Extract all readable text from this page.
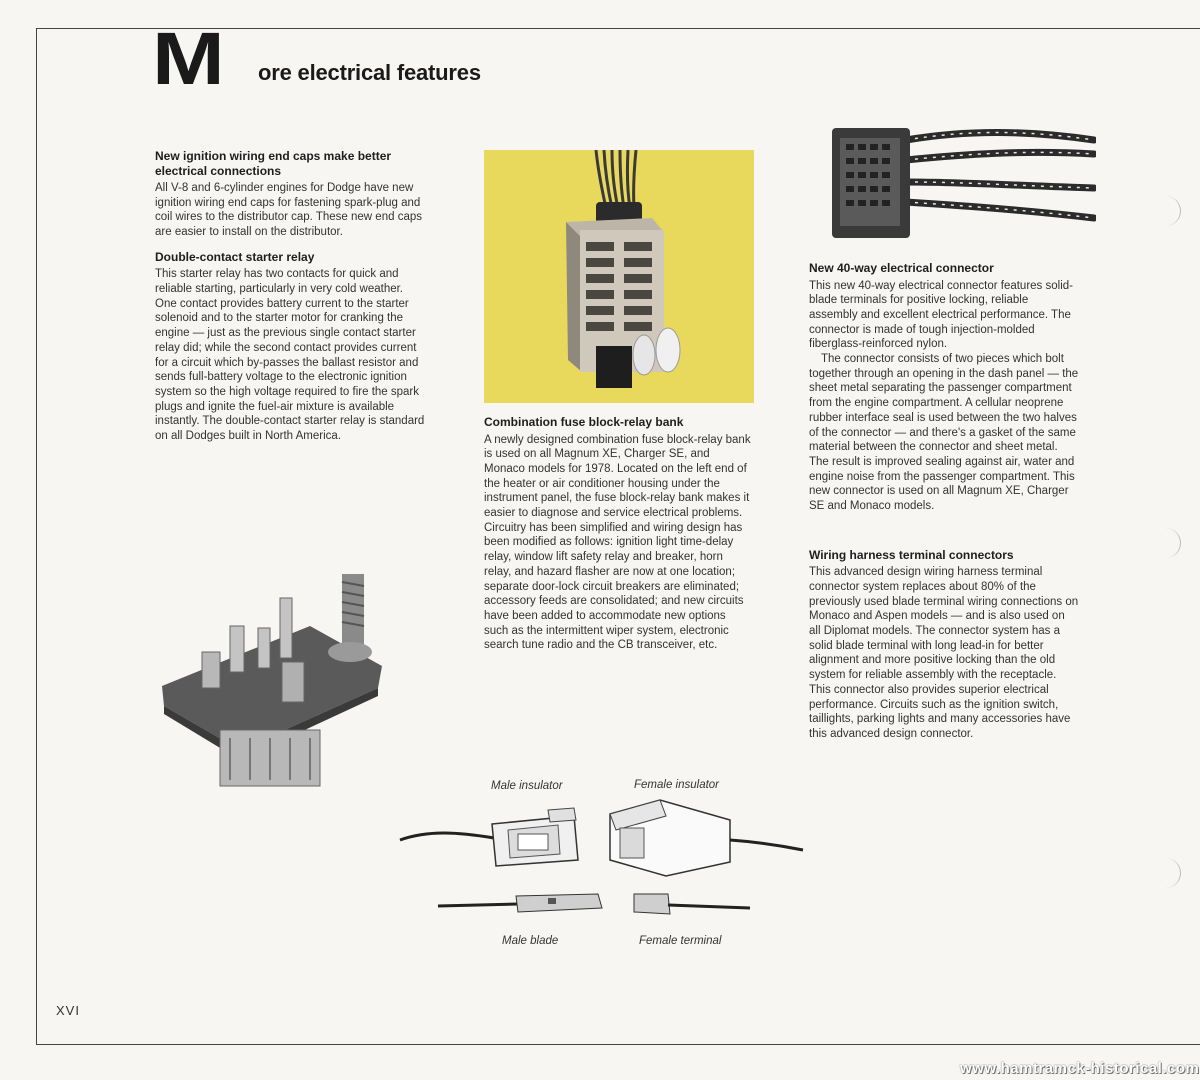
M	ore electrical features
New ignition wiring end caps make better electrical connections

All V-8 and 6-cylinder engines for Dodge have new ignition wiring end caps for fastening spark-plug and coil wires to the distributor cap. These new end caps are easier to install on the distributor.

Double-contact starter relay

This starter relay has two contacts for quick and reliable starting, particularly in very cold weather. One contact provides battery current to the starter solenoid and to the starter motor for cranking the engine — just as the previous single contact starter relay did; while the second contact provides current for a circuit which by-passes the ballast resistor and sends full-battery voltage to the electronic ignition system so the high voltage required to fire the spark plugs and ignite the fuel-air mixture is available instantly. The double-contact starter relay is standard on all Dodges built in North America.

Combination fuse block-relay bank

A newly designed combination fuse block-relay bank is used on all Magnum XE, Charger SE, and Monaco models for 1978. Located on the left end of the heater or air conditioner housing under the instrument panel, the fuse block-relay bank makes it easier to diagnose and service electrical problems. Circuitry has been simplified and wiring design has been modified as follows: ignition light time-delay relay, window lift safety relay and breaker, horn relay, and hazard flasher are now at one location; separate door-lock circuit breakers are eliminated; accessory feeds are consolidated; and new circuits have been added to accommodate new options such as the intermittent wiper system, electronic search tune radio and the CB transceiver, etc.

New 40-way electrical connector

This new 40-way electrical connector features solid-blade terminals for positive locking, reliable assembly and excellent electrical performance. The connector is made of tough injection-molded fiberglass-reinforced nylon.

The connector consists of two pieces which bolt together through an opening in the dash panel — the sheet metal separating the passenger compartment from the engine compartment. A cellular neoprene rubber interface seal is used between the two halves of the connector — and there's a gasket of the same material between the connector and sheet metal. The result is improved sealing against air, water and engine noise from the passenger compartment. This new connector is used on all Magnum XE, Charger SE and Monaco models.

Wiring harness terminal connectors

This advanced design wiring harness terminal connector system replaces about 80% of the previously used blade terminal wiring connections on Monaco and Aspen models — and is also used on all Diplomat models. The connector system has a solid blade terminal with long lead-in for better alignment and more positive locking than the old system for reliable assembly with the receptacle. This connector also provides superior electrical performance. Circuits such as the ignition switch, taillights, parking lights and many accessories have this advanced design connector.

Male insulator	Female insulator
Male blade	Female terminal
XVI
www.hamtramck-historical.com
